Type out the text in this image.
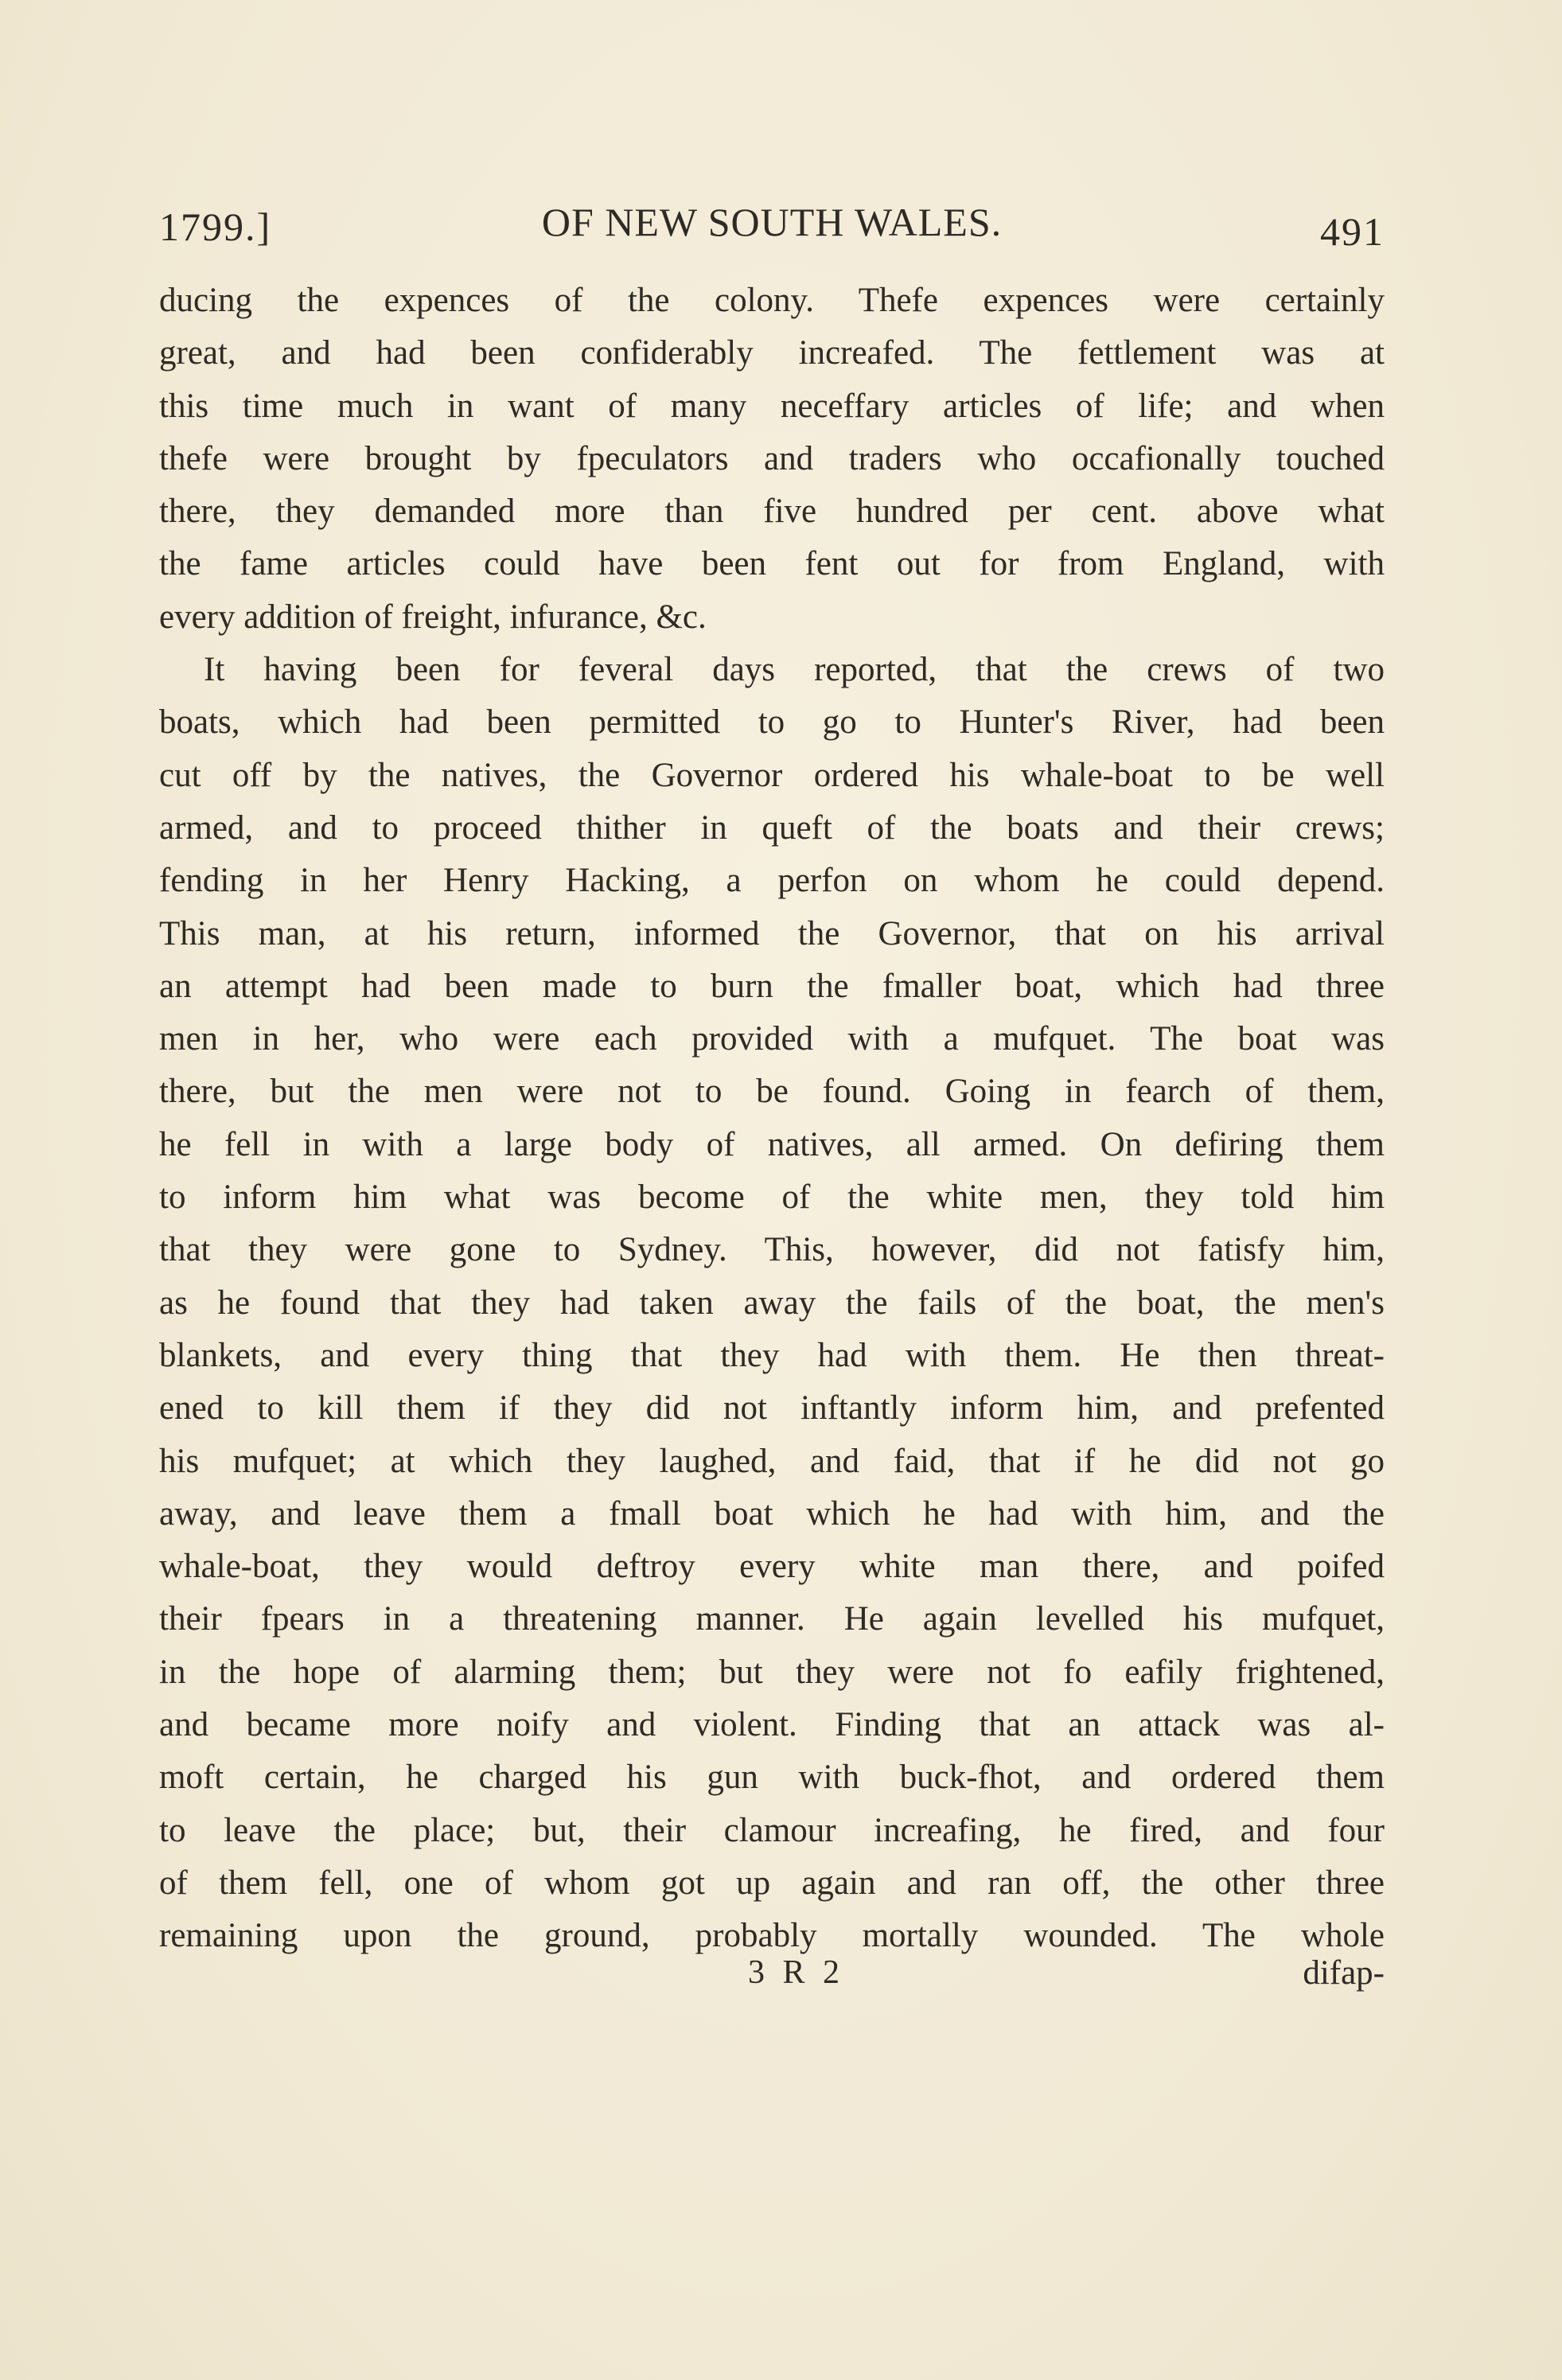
1799.]	OF NEW SOUTH WALES.	491
ducing the expences of the colony. Thefe expences were certainly
great, and had been confiderably increafed. The fettlement was at
this time much in want of many neceffary articles of life; and when
thefe were brought by fpeculators and traders who occafionally touched
there, they demanded more than five hundred per cent. above what
the fame articles could have been fent out for from England, with
every addition of freight, infurance, &c.
It having been for feveral days reported, that the crews of two
boats, which had been permitted to go to Hunter's River, had been
cut off by the natives, the Governor ordered his whale-boat to be well
armed, and to proceed thither in queft of the boats and their crews;
fending in her Henry Hacking, a perfon on whom he could depend.
This man, at his return, informed the Governor, that on his arrival
an attempt had been made to burn the fmaller boat, which had three
men in her, who were each provided with a mufquet. The boat was
there, but the men were not to be found. Going in fearch of them,
he fell in with a large body of natives, all armed. On defiring them
to inform him what was become of the white men, they told him
that they were gone to Sydney. This, however, did not fatisfy him,
as he found that they had taken away the fails of the boat, the men's
blankets, and every thing that they had with them. He then threat-
ened to kill them if they did not inftantly inform him, and prefented
his mufquet; at which they laughed, and faid, that if he did not go
away, and leave them a fmall boat which he had with him, and the
whale-boat, they would deftroy every white man there, and poifed
their fpears in a threatening manner. He again levelled his mufquet,
in the hope of alarming them; but they were not fo eafily frightened,
and became more noify and violent. Finding that an attack was al-
moft certain, he charged his gun with buck-fhot, and ordered them
to leave the place; but, their clamour increafing, he fired, and four
of them fell, one of whom got up again and ran off, the other three
remaining upon the ground, probably mortally wounded. The whole
3 R 2	difap-
